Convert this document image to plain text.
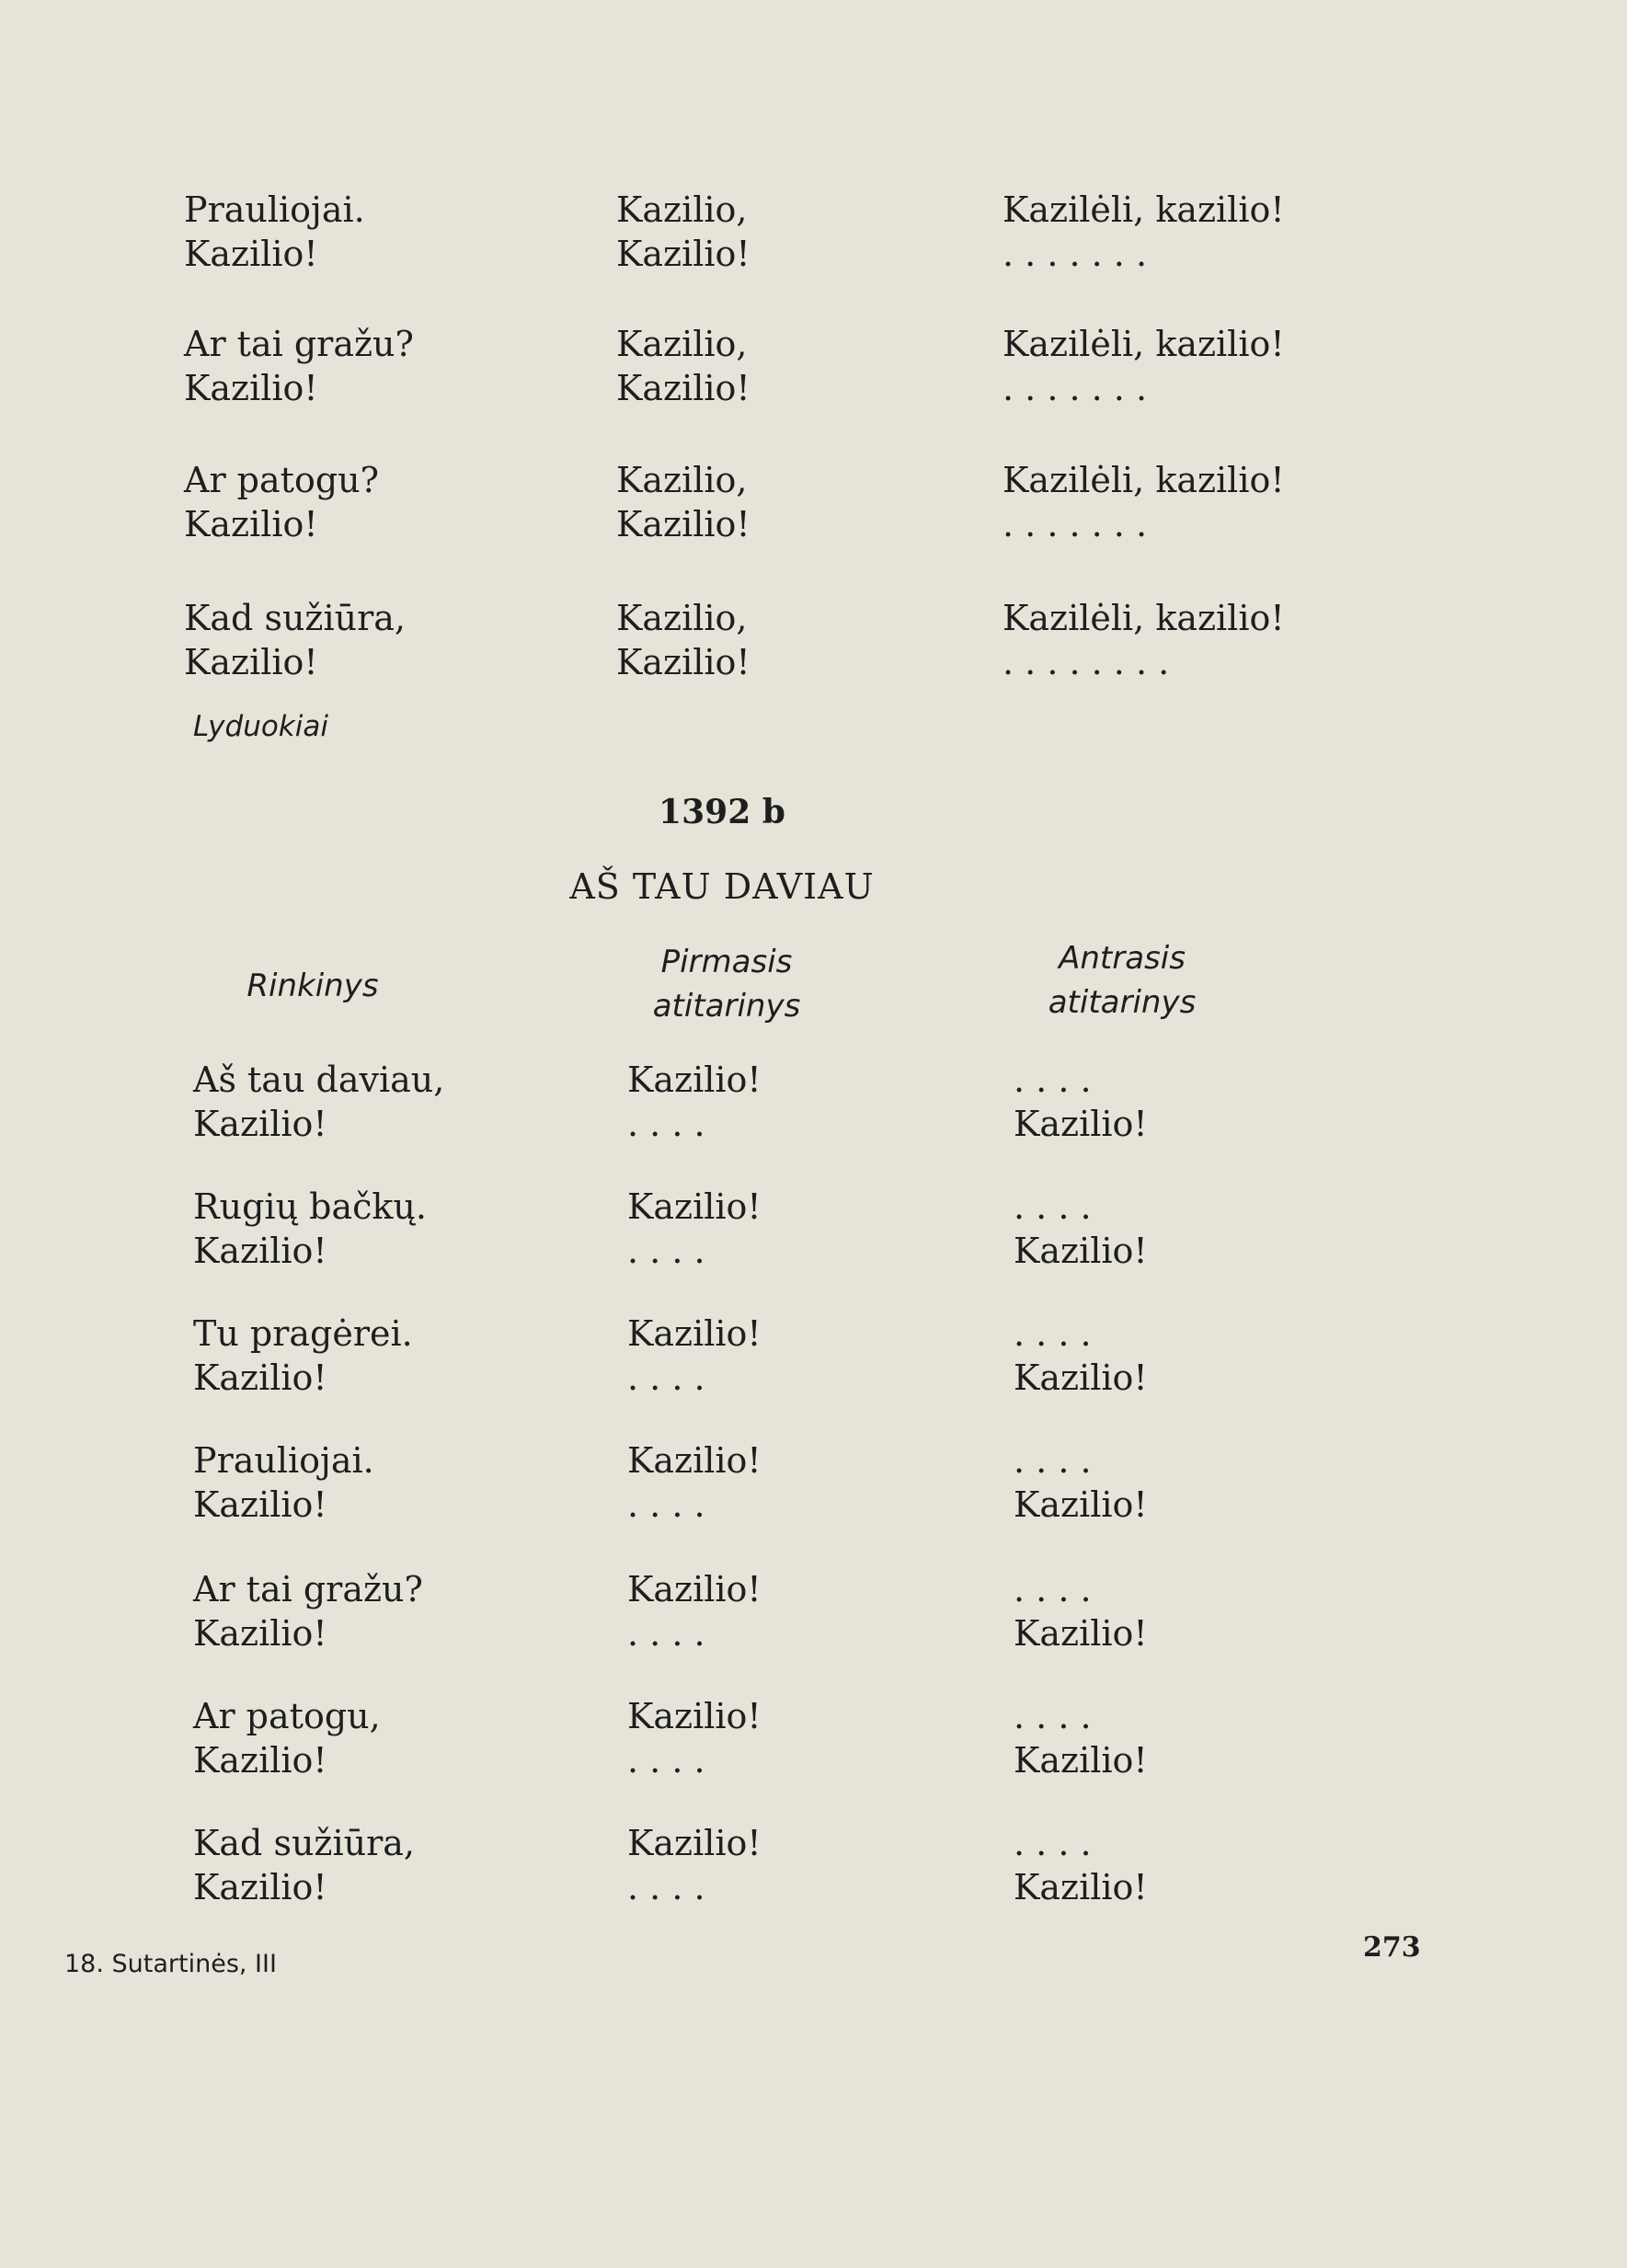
Prauliojai.
Kazilio!
Kazilio,
Kazilio!
Kazilėli, kazilio!
. . . . . . .
Ar tai gražu?
Kazilio!
Kazilio,
Kazilio!
Kazilėli, kazilio!
. . . . . . .
Ar patogu?
Kazilio!
Kazilio,
Kazilio!
Kazilėli, kazilio!
. . . . . . .
Kad sužiūra,
Kazilio!
Kazilio,
Kazilio!
Kazilėli, kazilio!
. . . . . . . .
Lyduokiai
1392 b
AŠ TAU DAVIAU
Rinkinys
Pirmasis
atitarinys
Antrasis
atitarinys
Aš tau daviau,
Kazilio!
Kazilio!
. . . .
. . . .
Kazilio!
Rugių bačkų.
Kazilio!
Kazilio!
. . . .
. . . .
Kazilio!
Tu pragėrei.
Kazilio!
Kazilio!
. . . .
. . . .
Kazilio!
Prauliojai.
Kazilio!
Kazilio!
. . . .
. . . .
Kazilio!
Ar tai gražu?
Kazilio!
Kazilio!
. . . .
. . . .
Kazilio!
Ar patogu,
Kazilio!
Kazilio!
. . . .
. . . .
Kazilio!
Kad sužiūra,
Kazilio!
Kazilio!
. . . .
. . . .
Kazilio!
18. Sutartinės, III
273
